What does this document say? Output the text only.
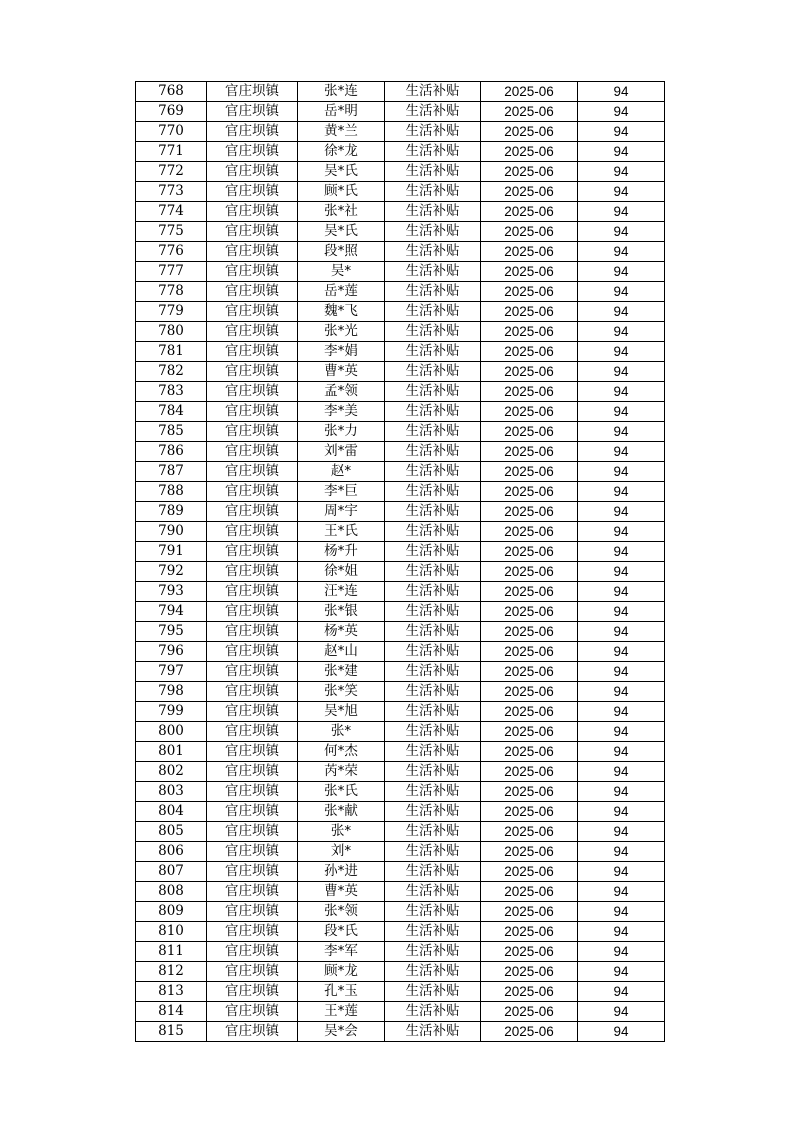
768	官庄坝镇	张*连	生活补贴	2025-06	94
769	官庄坝镇	岳*明	生活补贴	2025-06	94
770	官庄坝镇	黄*兰	生活补贴	2025-06	94
771	官庄坝镇	徐*龙	生活补贴	2025-06	94
772	官庄坝镇	吴*氏	生活补贴	2025-06	94
773	官庄坝镇	顾*氏	生活补贴	2025-06	94
774	官庄坝镇	张*社	生活补贴	2025-06	94
775	官庄坝镇	吴*氏	生活补贴	2025-06	94
776	官庄坝镇	段*照	生活补贴	2025-06	94
777	官庄坝镇	吴*	生活补贴	2025-06	94
778	官庄坝镇	岳*莲	生活补贴	2025-06	94
779	官庄坝镇	魏*飞	生活补贴	2025-06	94
780	官庄坝镇	张*光	生活补贴	2025-06	94
781	官庄坝镇	李*娟	生活补贴	2025-06	94
782	官庄坝镇	曹*英	生活补贴	2025-06	94
783	官庄坝镇	孟*领	生活补贴	2025-06	94
784	官庄坝镇	李*美	生活补贴	2025-06	94
785	官庄坝镇	张*力	生活补贴	2025-06	94
786	官庄坝镇	刘*雷	生活补贴	2025-06	94
787	官庄坝镇	赵*	生活补贴	2025-06	94
788	官庄坝镇	李*巨	生活补贴	2025-06	94
789	官庄坝镇	周*宇	生活补贴	2025-06	94
790	官庄坝镇	王*氏	生活补贴	2025-06	94
791	官庄坝镇	杨*升	生活补贴	2025-06	94
792	官庄坝镇	徐*姐	生活补贴	2025-06	94
793	官庄坝镇	汪*连	生活补贴	2025-06	94
794	官庄坝镇	张*银	生活补贴	2025-06	94
795	官庄坝镇	杨*英	生活补贴	2025-06	94
796	官庄坝镇	赵*山	生活补贴	2025-06	94
797	官庄坝镇	张*建	生活补贴	2025-06	94
798	官庄坝镇	张*笑	生活补贴	2025-06	94
799	官庄坝镇	吴*旭	生活补贴	2025-06	94
800	官庄坝镇	张*	生活补贴	2025-06	94
801	官庄坝镇	何*杰	生活补贴	2025-06	94
802	官庄坝镇	芮*荣	生活补贴	2025-06	94
803	官庄坝镇	张*氏	生活补贴	2025-06	94
804	官庄坝镇	张*献	生活补贴	2025-06	94
805	官庄坝镇	张*	生活补贴	2025-06	94
806	官庄坝镇	刘*	生活补贴	2025-06	94
807	官庄坝镇	孙*进	生活补贴	2025-06	94
808	官庄坝镇	曹*英	生活补贴	2025-06	94
809	官庄坝镇	张*领	生活补贴	2025-06	94
810	官庄坝镇	段*氏	生活补贴	2025-06	94
811	官庄坝镇	李*军	生活补贴	2025-06	94
812	官庄坝镇	顾*龙	生活补贴	2025-06	94
813	官庄坝镇	孔*玉	生活补贴	2025-06	94
814	官庄坝镇	王*莲	生活补贴	2025-06	94
815	官庄坝镇	吴*会	生活补贴	2025-06	94
